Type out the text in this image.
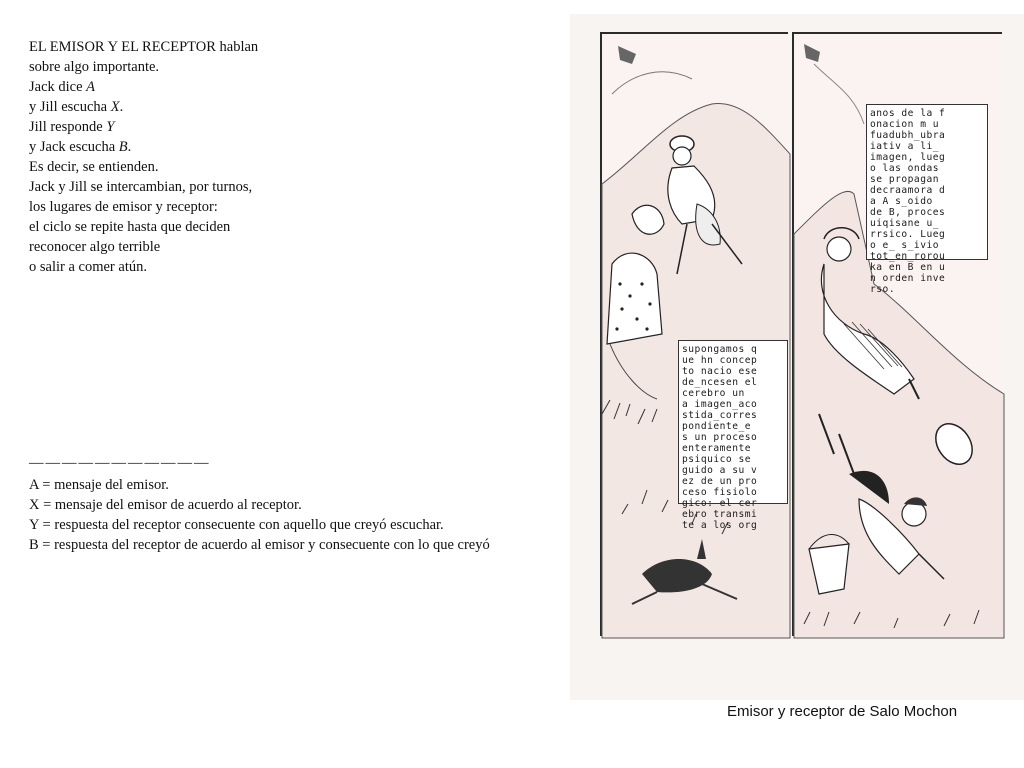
EL EMISOR Y EL RECEPTOR hablan
sobre algo importante.
Jack dice A
y Jill escucha X.
Jill responde Y
y Jack escucha B.
Es decir, se entienden.
Jack y Jill se intercambian, por turnos,
los lugares de emisor y receptor:
el ciclo se repite hasta que deciden
reconocer algo terrible
o salir a comer atún.
———————————
A = mensaje del emisor.
X = mensaje del emisor de acuerdo al receptor.
Y = respuesta del receptor consecuente con aquello que creyó escuchar.
B = respuesta del receptor de acuerdo al emisor y consecuente con lo que creyó
supongamos q
ue hn concep
to nacio ese
de_ncesen el
cerebro un
a imagen_aco
stida_corres
pondiente_e
s un proceso
enteramente
psiquico se
guido a su v
ez de un pro
ceso fisiolo
gico: el cer
ebro transmi
te a los org
anos de la f
onacion m u
fuadubh_ubra
iativ a li_
imagen, lueg
o las ondas
se propagan
decraamora d
a A s_oido
de B, proces
uiqisane u_
rrsico. Lueg
o e_ s_ivio
tot_en_rorou
ka en B en u
n orden inve
rso.
Emisor y receptor de Salo Mochon
